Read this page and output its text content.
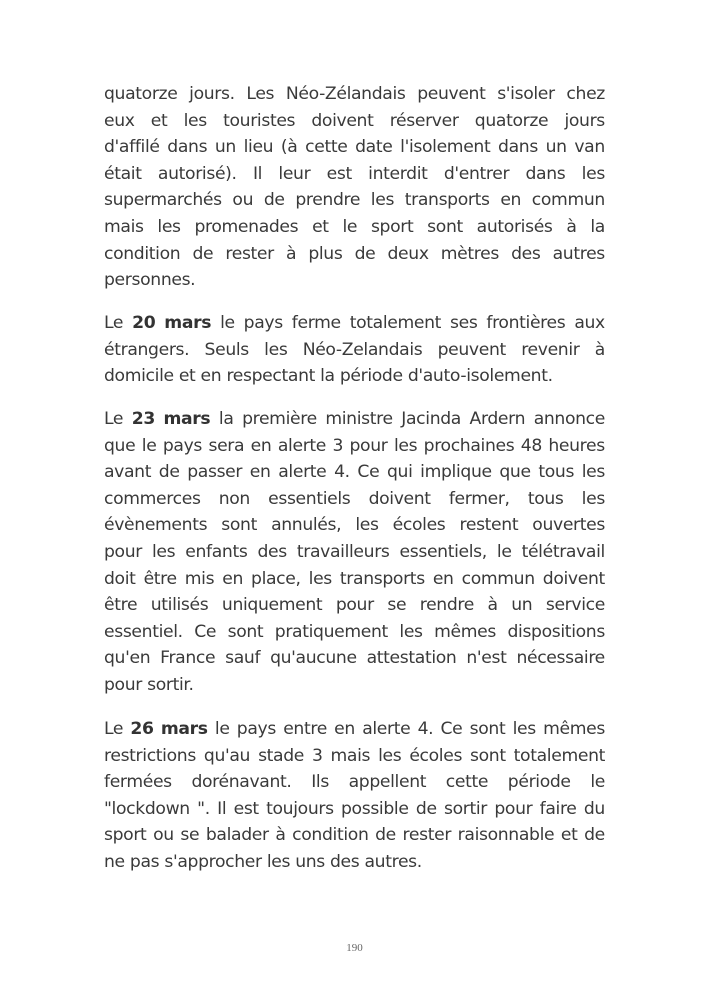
quatorze jours. Les Néo-Zélandais peuvent s'isoler chez
eux et les touristes doivent réserver quatorze jours
d'affilé dans un lieu (à cette date l'isolement dans un van
était autorisé). Il leur est interdit d'entrer dans les
supermarchés ou de prendre les transports en commun
mais les promenades et le sport sont autorisés à la
condition de rester à plus de deux mètres des autres
personnes.
Le 20 mars le pays ferme totalement ses frontières aux
étrangers. Seuls les Néo-Zelandais peuvent revenir à
domicile et en respectant la période d'auto-isolement.
Le 23 mars la première ministre Jacinda Ardern annonce
que le pays sera en alerte 3 pour les prochaines 48 heures
avant de passer en alerte 4. Ce qui implique que tous les
commerces non essentiels doivent fermer, tous les
évènements sont annulés, les écoles restent ouvertes
pour les enfants des travailleurs essentiels, le télétravail
doit être mis en place, les transports en commun doivent
être utilisés uniquement pour se rendre à un service
essentiel. Ce sont pratiquement les mêmes dispositions
qu'en France sauf qu'aucune attestation n'est nécessaire
pour sortir.
Le 26 mars le pays entre en alerte 4. Ce sont les mêmes
restrictions qu'au stade 3 mais les écoles sont totalement
fermées dorénavant. Ils appellent cette période le
"lockdown ". Il est toujours possible de sortir pour faire du
sport ou se balader à condition de rester raisonnable et de
ne pas s'approcher les uns des autres.
190
